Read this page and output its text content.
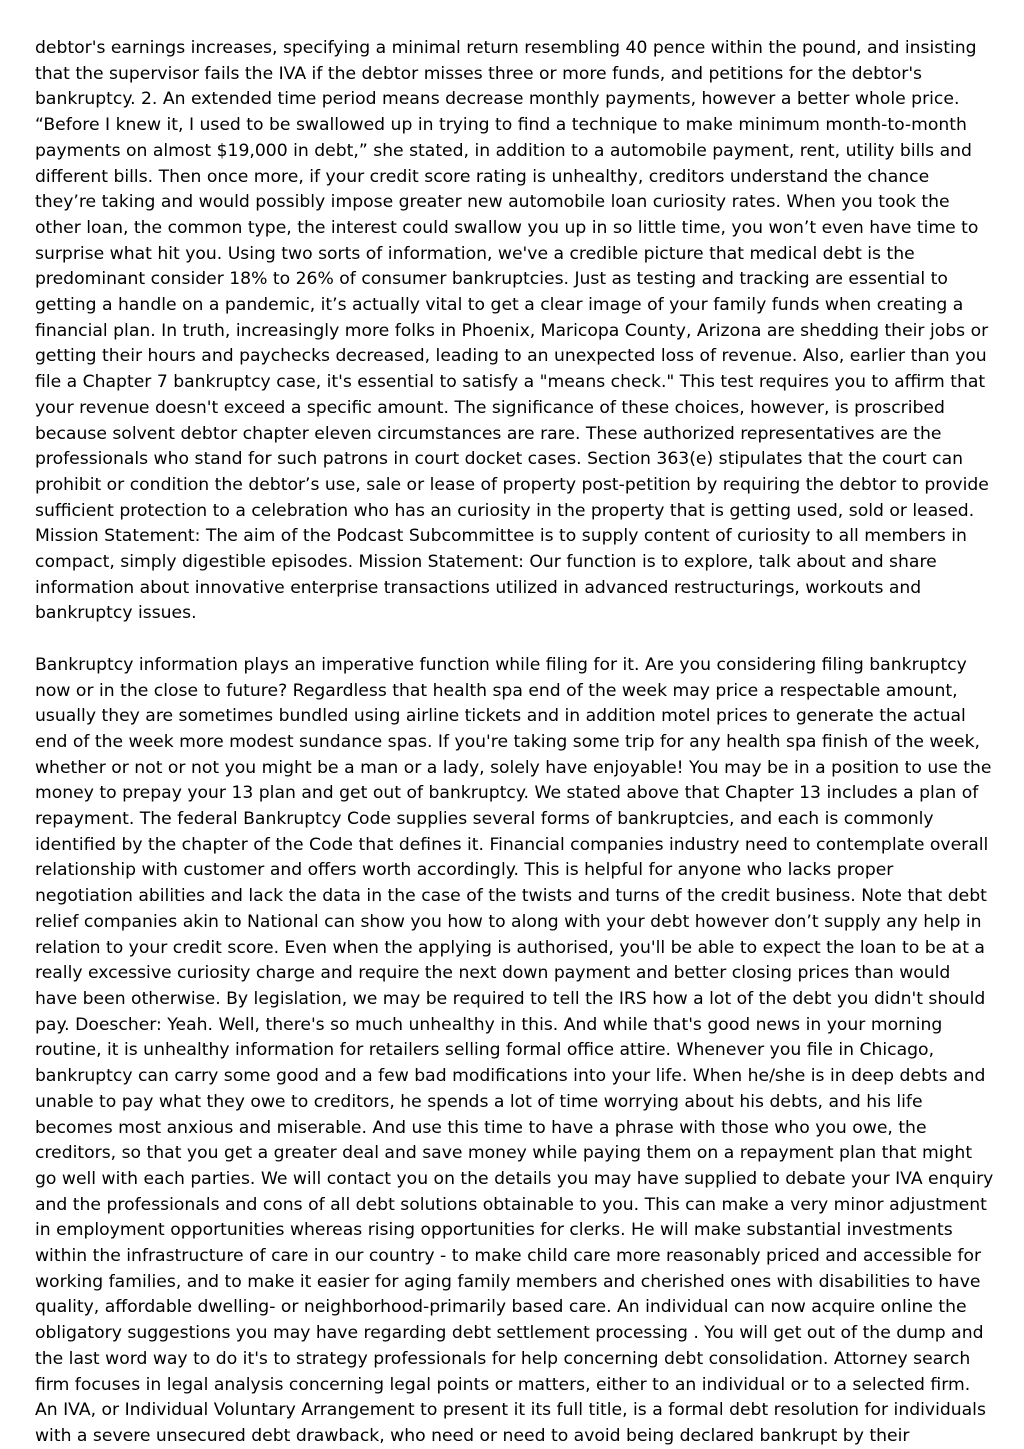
debtor's earnings increases, specifying a minimal return resembling 40 pence within the pound, and insisting that the supervisor fails the IVA if the debtor misses three or more funds, and petitions for the debtor's bankruptcy. 2. An extended time period means decrease monthly payments, however a better whole price. “Before I knew it, I used to be swallowed up in trying to find a technique to make minimum month-to-month payments on almost $19,000 in debt,” she stated, in addition to a automobile payment, rent, utility bills and different bills. Then once more, if your credit score rating is unhealthy, creditors understand the chance they’re taking and would possibly impose greater new automobile loan curiosity rates. When you took the other loan, the common type, the interest could swallow you up in so little time, you won’t even have time to surprise what hit you. Using two sorts of information, we've a credible picture that medical debt is the predominant consider 18% to 26% of consumer bankruptcies. Just as testing and tracking are essential to getting a handle on a pandemic, it’s actually vital to get a clear image of your family funds when creating a financial plan. In truth, increasingly more folks in Phoenix, Maricopa County, Arizona are shedding their jobs or getting their hours and paychecks decreased, leading to an unexpected loss of revenue. Also, earlier than you file a Chapter 7 bankruptcy case, it's essential to satisfy a "means check." This test requires you to affirm that your revenue doesn't exceed a specific amount. The significance of these choices, however, is proscribed because solvent debtor chapter eleven circumstances are rare. These authorized representatives are the professionals who stand for such patrons in court docket cases. Section 363(e) stipulates that the court can prohibit or condition the debtor’s use, sale or lease of property post-petition by requiring the debtor to provide sufficient protection to a celebration who has an curiosity in the property that is getting used, sold or leased. Mission Statement: The aim of the Podcast Subcommittee is to supply content of curiosity to all members in compact, simply digestible episodes. Mission Statement: Our function is to explore, talk about and share information about innovative enterprise transactions utilized in advanced restructurings, workouts and bankruptcy issues.

Bankruptcy information plays an imperative function while filing for it. Are you considering filing bankruptcy now or in the close to future? Regardless that health spa end of the week may price a respectable amount, usually they are sometimes bundled using airline tickets and in addition motel prices to generate the actual end of the week more modest sundance spas. If you're taking some trip for any health spa finish of the week, whether or not or not you might be a man or a lady, solely have enjoyable! You may be in a position to use the money to prepay your 13 plan and get out of bankruptcy. We stated above that Chapter 13 includes a plan of repayment. The federal Bankruptcy Code supplies several forms of bankruptcies, and each is commonly identified by the chapter of the Code that defines it. Financial companies industry need to contemplate overall relationship with customer and offers worth accordingly. This is helpful for anyone who lacks proper negotiation abilities and lack the data in the case of the twists and turns of the credit business. Note that debt relief companies akin to National can show you how to along with your debt however don’t supply any help in relation to your credit score. Even when the applying is authorised, you'll be able to expect the loan to be at a really excessive curiosity charge and require the next down payment and better closing prices than would have been otherwise. By legislation, we may be required to tell the IRS how a lot of the debt you didn't should pay. Doescher: Yeah. Well, there's so much unhealthy in this. And while that's good news in your morning routine, it is unhealthy information for retailers selling formal office attire. Whenever you file in Chicago, bankruptcy can carry some good and a few bad modifications into your life. When he/she is in deep debts and unable to pay what they owe to creditors, he spends a lot of time worrying about his debts, and his life becomes most anxious and miserable. And use this time to have a phrase with those who you owe, the creditors, so that you get a greater deal and save money while paying them on a repayment plan that might go well with each parties. We will contact you on the details you may have supplied to debate your IVA enquiry and the professionals and cons of all debt solutions obtainable to you. This can make a very minor adjustment in employment opportunities whereas rising opportunities for clerks. He will make substantial investments within the infrastructure of care in our country - to make child care more reasonably priced and accessible for working families, and to make it easier for aging family members and cherished ones with disabilities to have quality, affordable dwelling- or neighborhood-primarily based care. An individual can now acquire online the obligatory suggestions you may have regarding debt settlement processing . You will get out of the dump and the last word way to do it's to strategy professionals for help concerning debt consolidation. Attorney search firm focuses in legal analysis concerning legal points or matters, either to an individual or to a selected firm. An IVA, or Individual Voluntary Arrangement to present it its full title, is a formal debt resolution for individuals with a severe unsecured debt drawback, who need or need to avoid being declared bankrupt by their
